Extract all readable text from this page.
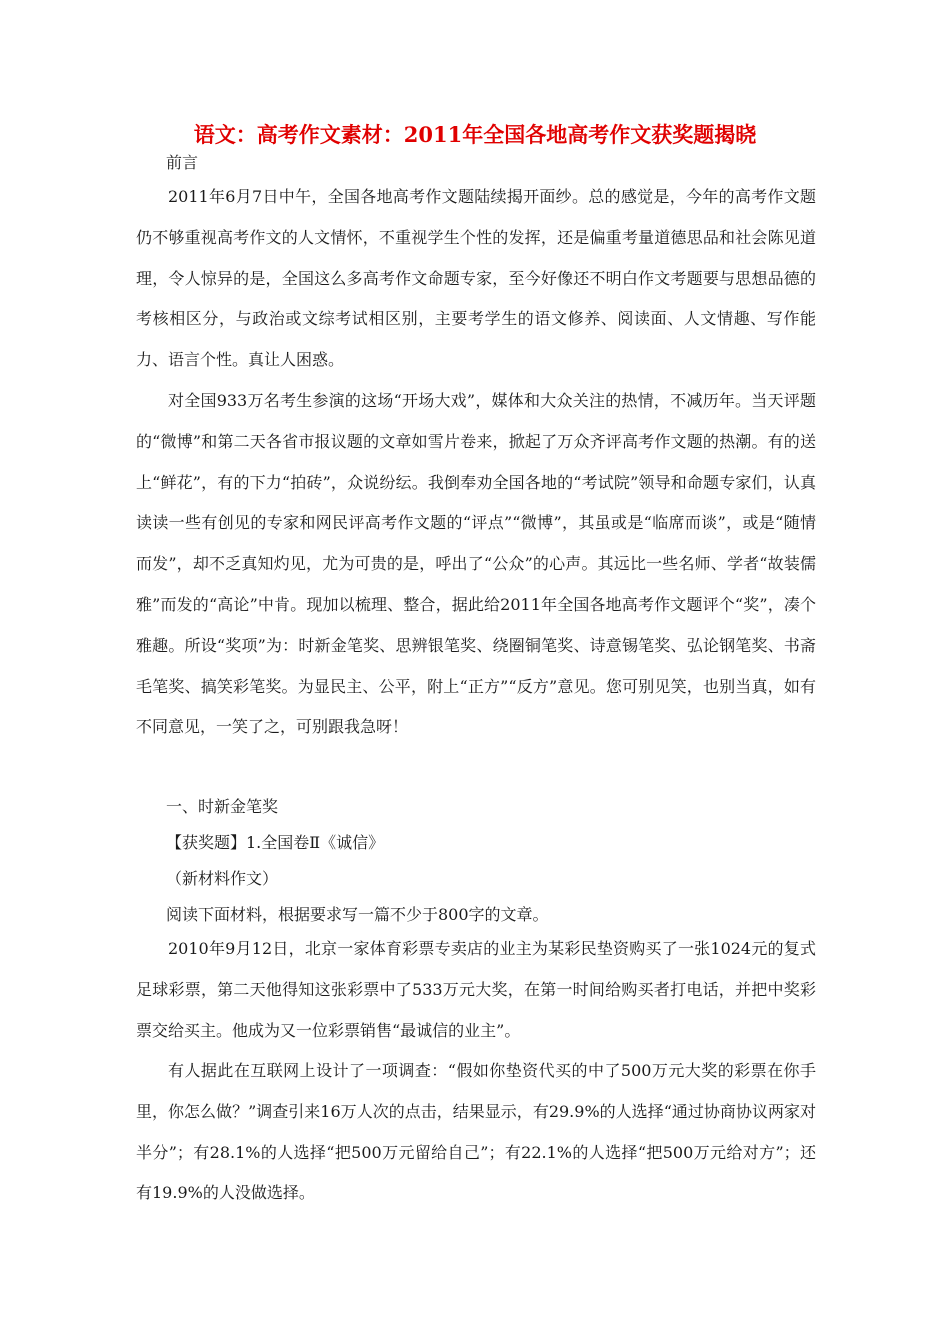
语文：高考作文素材：2011年全国各地高考作文获奖题揭晓
前言

2011年6月7日中午，全国各地高考作文题陆续揭开面纱。总的感觉是，今年的高考作文题仍不够重视高考作文的人文情怀，不重视学生个性的发挥，还是偏重考量道德思品和社会陈见道理，令人惊异的是，全国这么多高考作文命题专家，至今好像还不明白作文考题要与思想品德的考核相区分，与政治或文综考试相区别，主要考学生的语文修养、阅读面、人文情趣、写作能力、语言个性。真让人困惑。

对全国933万名考生参演的这场“开场大戏”，媒体和大众关注的热情，不减历年。当天评题的“微博”和第二天各省市报议题的文章如雪片卷来，掀起了万众齐评高考作文题的热潮。有的送上“鲜花”，有的下力“拍砖”，众说纷纭。我倒奉劝全国各地的“考试院”领导和命题专家们，认真读读一些有创见的专家和网民评高考作文题的“评点”“微博”，其虽或是“临席而谈”，或是“随情而发”，却不乏真知灼见，尤为可贵的是，呼出了“公众”的心声。其远比一些名师、学者“故装儒雅”而发的“高论”中肯。现加以梳理、整合，据此给2011年全国各地高考作文题评个“奖”，凑个雅趣。所设“奖项”为：时新金笔奖、思辨银笔奖、绕圈铜笔奖、诗意锡笔奖、弘论钢笔奖、书斋毛笔奖、搞笑彩笔奖。为显民主、公平，附上“正方”“反方”意见。您可别见笑，也别当真，如有不同意见，一笑了之，可别跟我急呀！

一、时新金笔奖
【获奖题】1.全国卷Ⅱ《诚信》
（新材料作文）
阅读下面材料，根据要求写一篇不少于800字的文章。

2010年9月12日，北京一家体育彩票专卖店的业主为某彩民垫资购买了一张1024元的复式足球彩票，第二天他得知这张彩票中了533万元大奖，在第一时间给购买者打电话，并把中奖彩票交给买主。他成为又一位彩票销售“最诚信的业主”。

有人据此在互联网上设计了一项调查：“假如你垫资代买的中了500万元大奖的彩票在你手里，你怎么做？”调查引来16万人次的点击，结果显示，有29.9%的人选择“通过协商协议两家对半分”；有28.1%的人选择“把500万元留给自己”；有22.1%的人选择“把500万元给对方”；还有19.9%的人没做选择。
